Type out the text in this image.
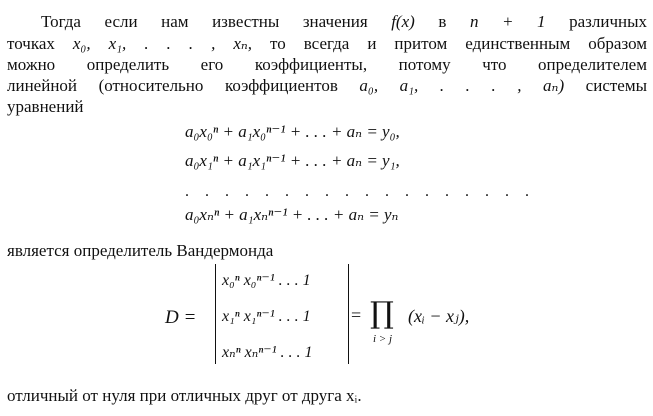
Тогда если нам известны значения f(x) в n + 1 различных
точках x₀, x₁, . . . , xₙ, то всегда и притом единственным образом
можно определить его коэффициенты, потому что определителем
линейной (относительно коэффициентов a₀, a₁, . . . , aₙ) системы
уравнений
a₀x₀ⁿ + a₁x₀ⁿ⁻¹ + . . . + aₙ = y₀,
a₀x₁ⁿ + a₁x₁ⁿ⁻¹ + . . . + aₙ = y₁,
. . . . . . . . . . . . . . . . . .
a₀xₙⁿ + a₁xₙⁿ⁻¹ + . . . + aₙ = yₙ
является определитель Вандермонда
D =
x₀ⁿ x₀ⁿ⁻¹ . . . 1
x₁ⁿ x₁ⁿ⁻¹ . . . 1
xₙⁿ xₙⁿ⁻¹ . . . 1
= ∏
i > j
(xᵢ − xⱼ),
отличный от нуля при отличных друг от друга xᵢ.
